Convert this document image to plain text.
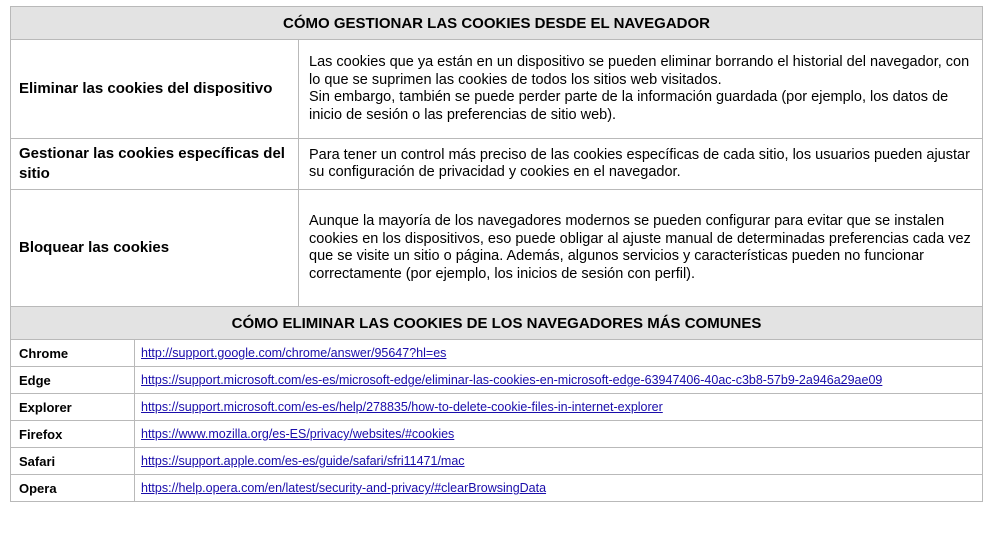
CÓMO GESTIONAR LAS COOKIES DESDE EL NAVEGADOR		
Eliminar las cookies del dispositivo		Las cookies que ya están en un dispositivo se pueden eliminar borrando el historial del navegador, con lo que se suprimen las cookies de todos los sitios web visitados.

Sin embargo, también se puede perder parte de la información guardada (por ejemplo, los datos de inicio de sesión o las preferencias de sitio web).

Gestionar las cookies específicas del sitio		Para tener un control más preciso de las cookies específicas de cada sitio, los usuarios pueden ajustar su configuración de privacidad y cookies en el navegador.

Bloquear las cookies		Aunque la mayoría de los navegadores modernos se pueden configurar para evitar que se instalen cookies en los dispositivos, eso puede obligar al ajuste manual de determinadas preferencias cada vez que se visite un sitio o página. Además, algunos servicios y características pueden no funcionar correctamente (por ejemplo, los inicios de sesión con perfil).

CÓMO ELIMINAR LAS COOKIES DE LOS NAVEGADORES MÁS COMUNES		
Chrome	http://support.google.com/chrome/answer/95647?hl=es	
Edge	https://support.microsoft.com/es-es/microsoft-edge/eliminar-las-cookies-en-microsoft-edge-63947406-40ac-c3b8-57b9-2a946a29ae09	
Explorer	https://support.microsoft.com/es-es/help/278835/how-to-delete-cookie-files-in-internet-explorer	
Firefox	https://www.mozilla.org/es-ES/privacy/websites/#cookies	
Safari	https://support.apple.com/es-es/guide/safari/sfri11471/mac	
Opera	https://help.opera.com/en/latest/security-and-privacy/#clearBrowsingData	
